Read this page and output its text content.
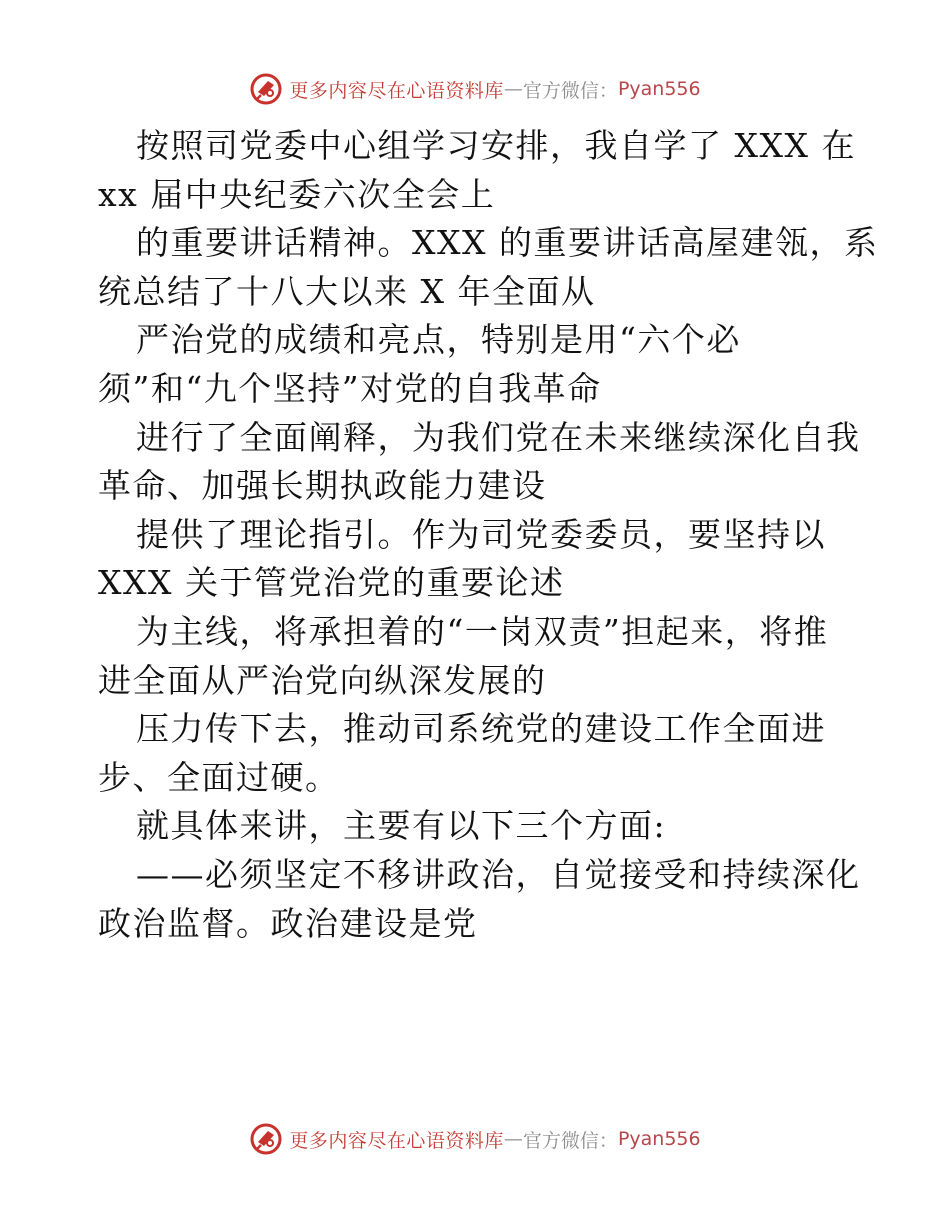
更多内容尽在心语资料库 — 官方微信： Pyan556
按照司党委中心组学习安排，我自学了 XXX 在
xx 届中央纪委六次全会上
的重要讲话精神。XXX 的重要讲话高屋建瓴，系
统总结了十八大以来 X 年全面从
严治党的成绩和亮点，特别是用“六个必
须”和“九个坚持”对党的自我革命
进行了全面阐释，为我们党在未来继续深化自我
革命、加强长期执政能力建设
提供了理论指引。作为司党委委员，要坚持以
XXX 关于管党治党的重要论述
为主线，将承担着的“一岗双责”担起来，将推
进全面从严治党向纵深发展的
压力传下去，推动司系统党的建设工作全面进
步、全面过硬。
就具体来讲，主要有以下三个方面:
——必须坚定不移讲政治，自觉接受和持续深化
政治监督。政治建设是党
更多内容尽在心语资料库 — 官方微信： Pyan556
